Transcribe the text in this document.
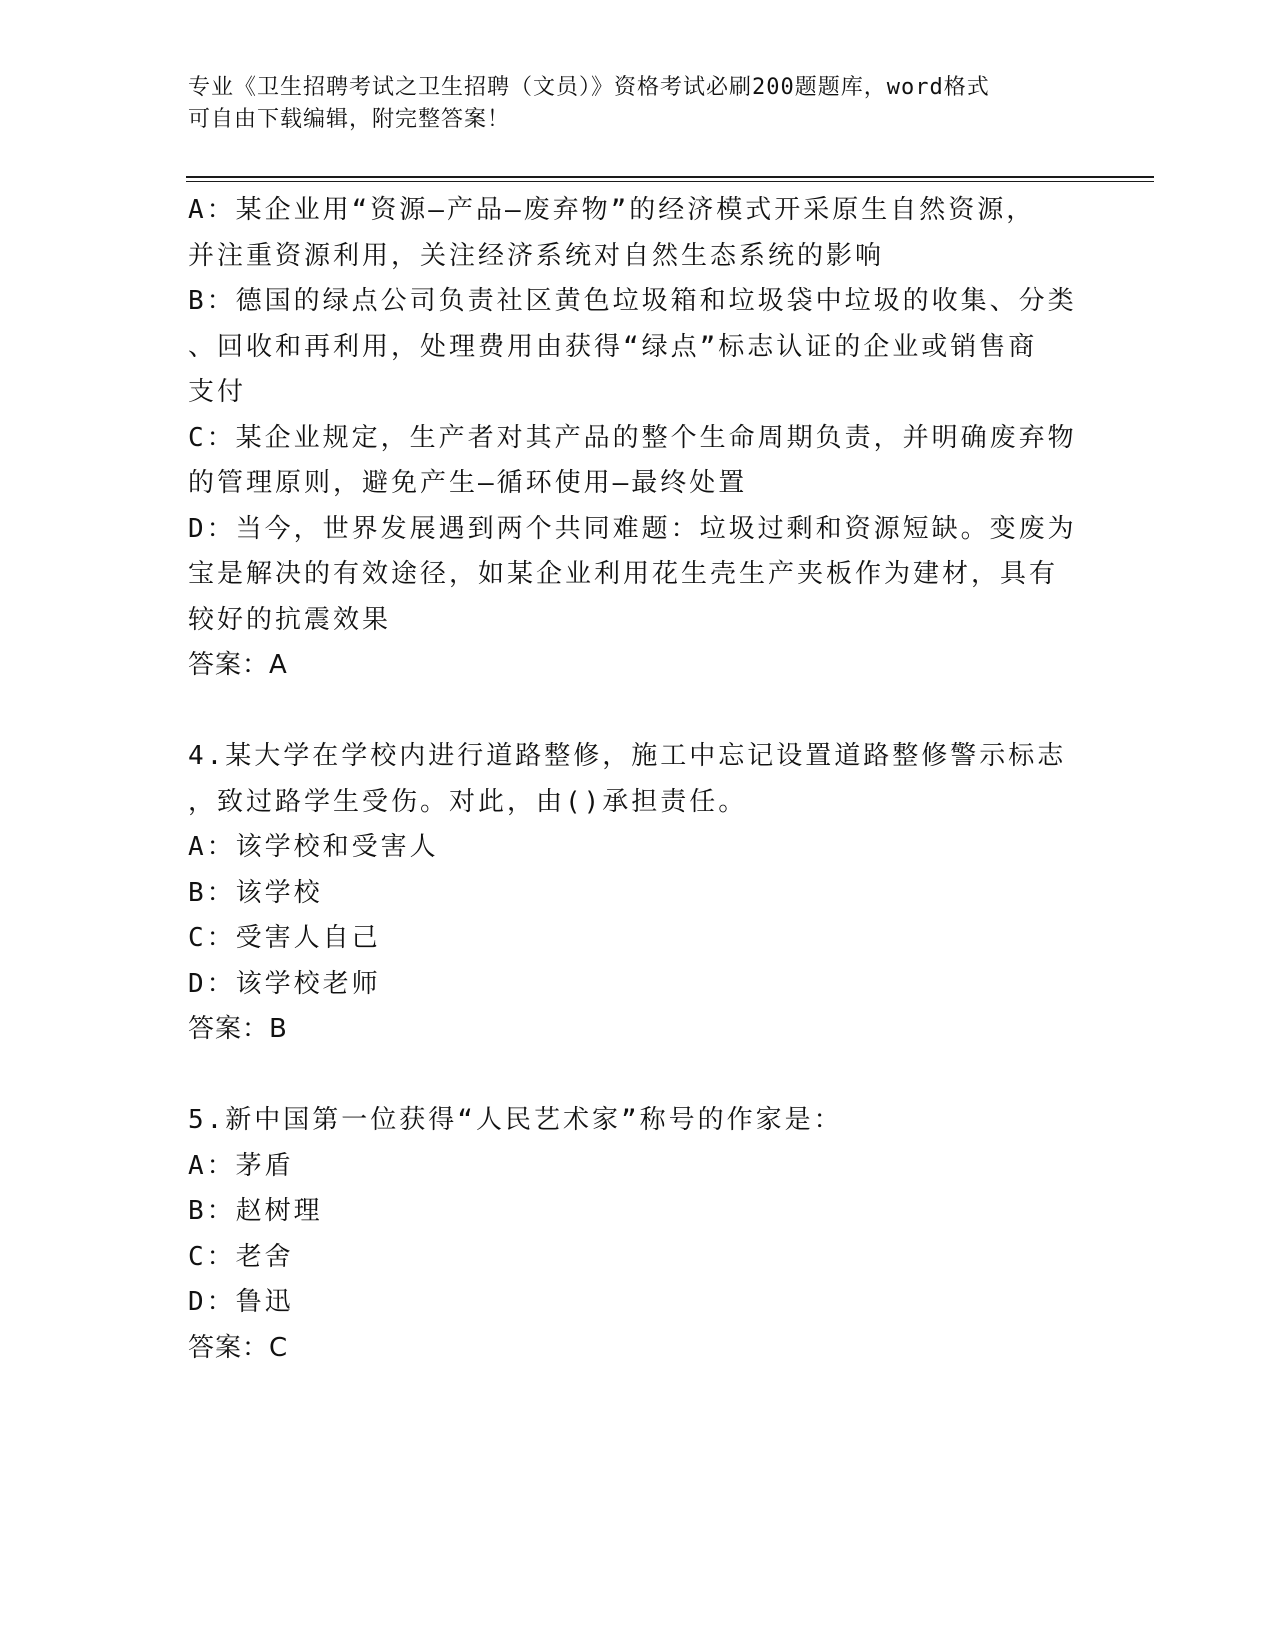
专业《卫生招聘考试之卫生招聘（文员）》资格考试必刷200题题库，word格式
可自由下载编辑，附完整答案！
A：某企业用“资源—产品—废弃物”的经济模式开采原生自然资源，
并注重资源利用，关注经济系统对自然生态系统的影响
B：德国的绿点公司负责社区黄色垃圾箱和垃圾袋中垃圾的收集、分类
、回收和再利用，处理费用由获得“绿点”标志认证的企业或销售商
支付
C：某企业规定，生产者对其产品的整个生命周期负责，并明确废弃物
的管理原则，避免产生—循环使用—最终处置
D：当今，世界发展遇到两个共同难题：垃圾过剩和资源短缺。变废为
宝是解决的有效途径，如某企业利用花生壳生产夹板作为建材，具有
较好的抗震效果
答案：A
4.某大学在学校内进行道路整修，施工中忘记设置道路整修警示标志
，致过路学生受伤。对此，由()承担责任。
A：该学校和受害人
B：该学校
C：受害人自己
D：该学校老师
答案：B
5.新中国第一位获得“人民艺术家”称号的作家是：
A：茅盾
B：赵树理
C：老舍
D：鲁迅
答案：C
